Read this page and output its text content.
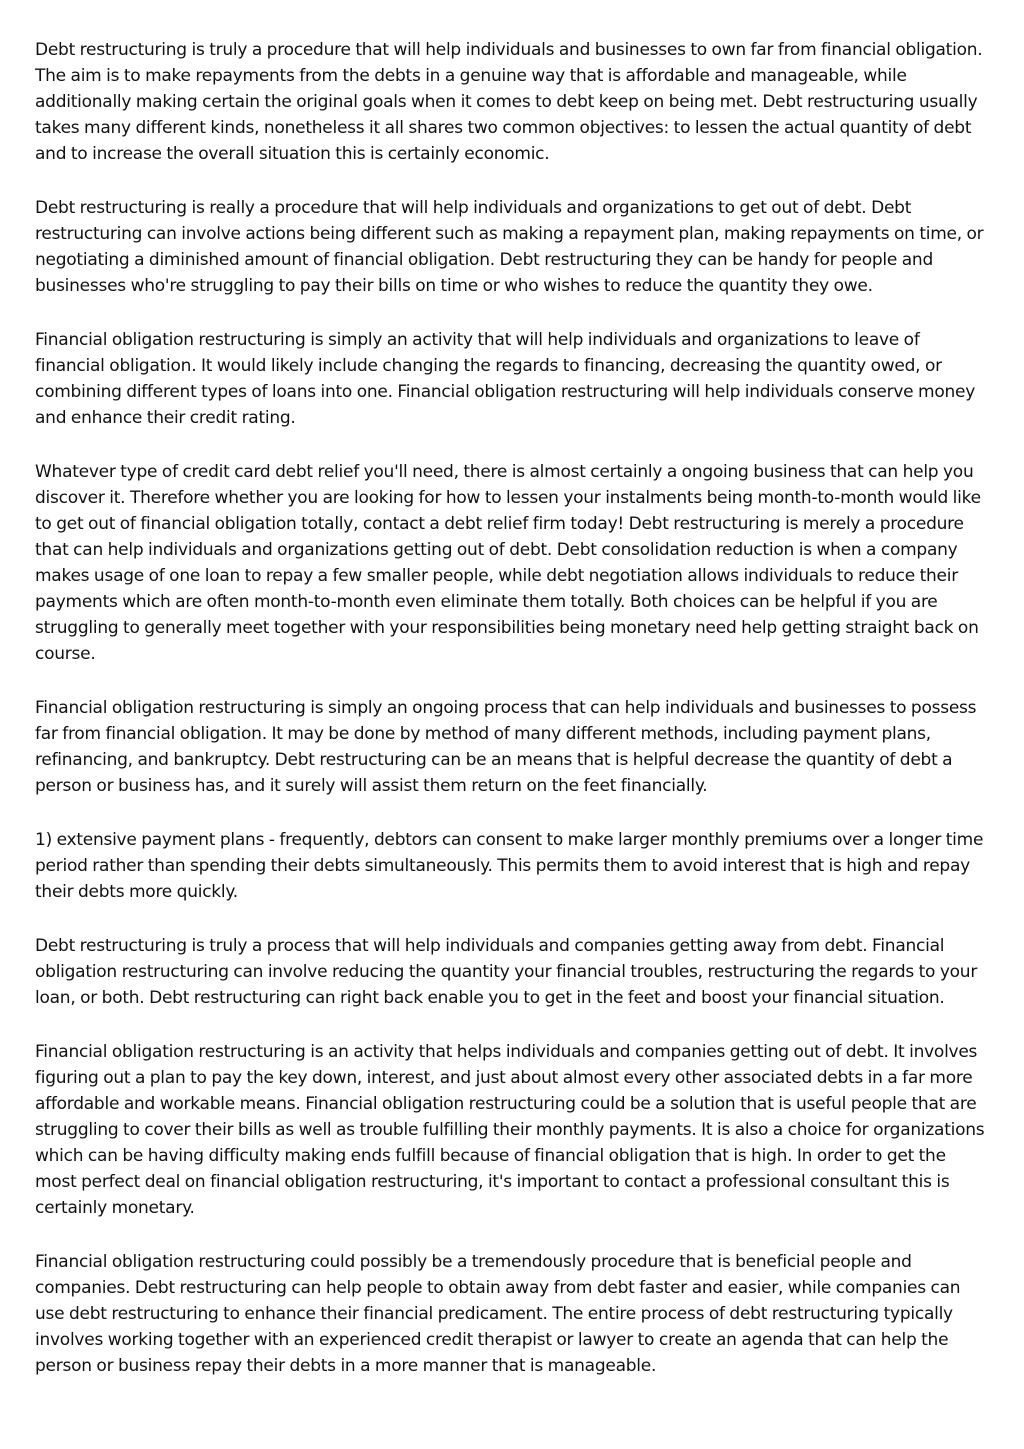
Debt restructuring is truly a procedure that will help individuals and businesses to own far from financial obligation. The aim is to make repayments from the debts in a genuine way that is affordable and manageable, while additionally making certain the original goals when it comes to debt keep on being met. Debt restructuring usually takes many different kinds, nonetheless it all shares two common objectives: to lessen the actual quantity of debt and to increase the overall situation this is certainly economic.

Debt restructuring is really a procedure that will help individuals and organizations to get out of debt. Debt restructuring can involve actions being different such as making a repayment plan, making repayments on time, or negotiating a diminished amount of financial obligation. Debt restructuring they can be handy for people and businesses who're struggling to pay their bills on time or who wishes to reduce the quantity they owe.

Financial obligation restructuring is simply an activity that will help individuals and organizations to leave of financial obligation. It would likely include changing the regards to financing, decreasing the quantity owed, or combining different types of loans into one. Financial obligation restructuring will help individuals conserve money and enhance their credit rating.

Whatever type of credit card debt relief you'll need, there is almost certainly a ongoing business that can help you discover it. Therefore whether you are looking for how to lessen your instalments being month-to-month would like to get out of financial obligation totally, contact a debt relief firm today! Debt restructuring is merely a procedure that can help individuals and organizations getting out of debt. Debt consolidation reduction is when a company makes usage of one loan to repay a few smaller people, while debt negotiation allows individuals to reduce their payments which are often month-to-month even eliminate them totally. Both choices can be helpful if you are struggling to generally meet together with your responsibilities being monetary need help getting straight back on course.

Financial obligation restructuring is simply an ongoing process that can help individuals and businesses to possess far from financial obligation. It may be done by method of many different methods, including payment plans, refinancing, and bankruptcy. Debt restructuring can be an means that is helpful decrease the quantity of debt a person or business has, and it surely will assist them return on the feet financially.

1) extensive payment plans - frequently, debtors can consent to make larger monthly premiums over a longer time period rather than spending their debts simultaneously. This permits them to avoid interest that is high and repay their debts more quickly.

Debt restructuring is truly a process that will help individuals and companies getting away from debt. Financial obligation restructuring can involve reducing the quantity your financial troubles, restructuring the regards to your loan, or both. Debt restructuring can right back enable you to get in the feet and boost your financial situation.

Financial obligation restructuring is an activity that helps individuals and companies getting out of debt. It involves figuring out a plan to pay the key down, interest, and just about almost every other associated debts in a far more affordable and workable means. Financial obligation restructuring could be a solution that is useful people that are struggling to cover their bills as well as trouble fulfilling their monthly payments. It is also a choice for organizations which can be having difficulty making ends fulfill because of financial obligation that is high. In order to get the most perfect deal on financial obligation restructuring, it's important to contact a professional consultant this is certainly monetary.

Financial obligation restructuring could possibly be a tremendously procedure that is beneficial people and companies. Debt restructuring can help people to obtain away from debt faster and easier, while companies can use debt restructuring to enhance their financial predicament. The entire process of debt restructuring typically involves working together with an experienced credit therapist or lawyer to create an agenda that can help the person or business repay their debts in a more manner that is manageable.
